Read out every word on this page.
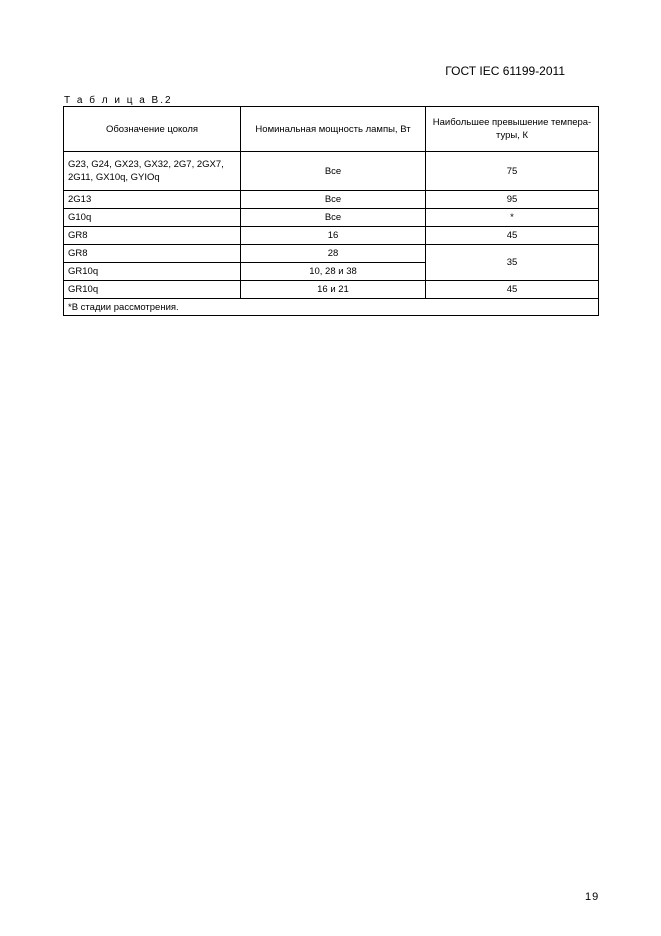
ГОСТ IEC 61199-2011
Т а б л и ц а В.2
Обозначение цоколя	Номинальная мощность лампы, Вт	Наибольшее превышение темпера-туры, К
G23, G24, GX23, GX32, 2G7, 2GX7, 2G11, GX10q, GYIOq	Все	75
2G13	Все	95
G10q	Все	*
GR8	16	45
GR8	28	35
GR10q	10, 28 и 38	
GR10q	16 и 21	45
*В стадии рассмотрения.		
19
